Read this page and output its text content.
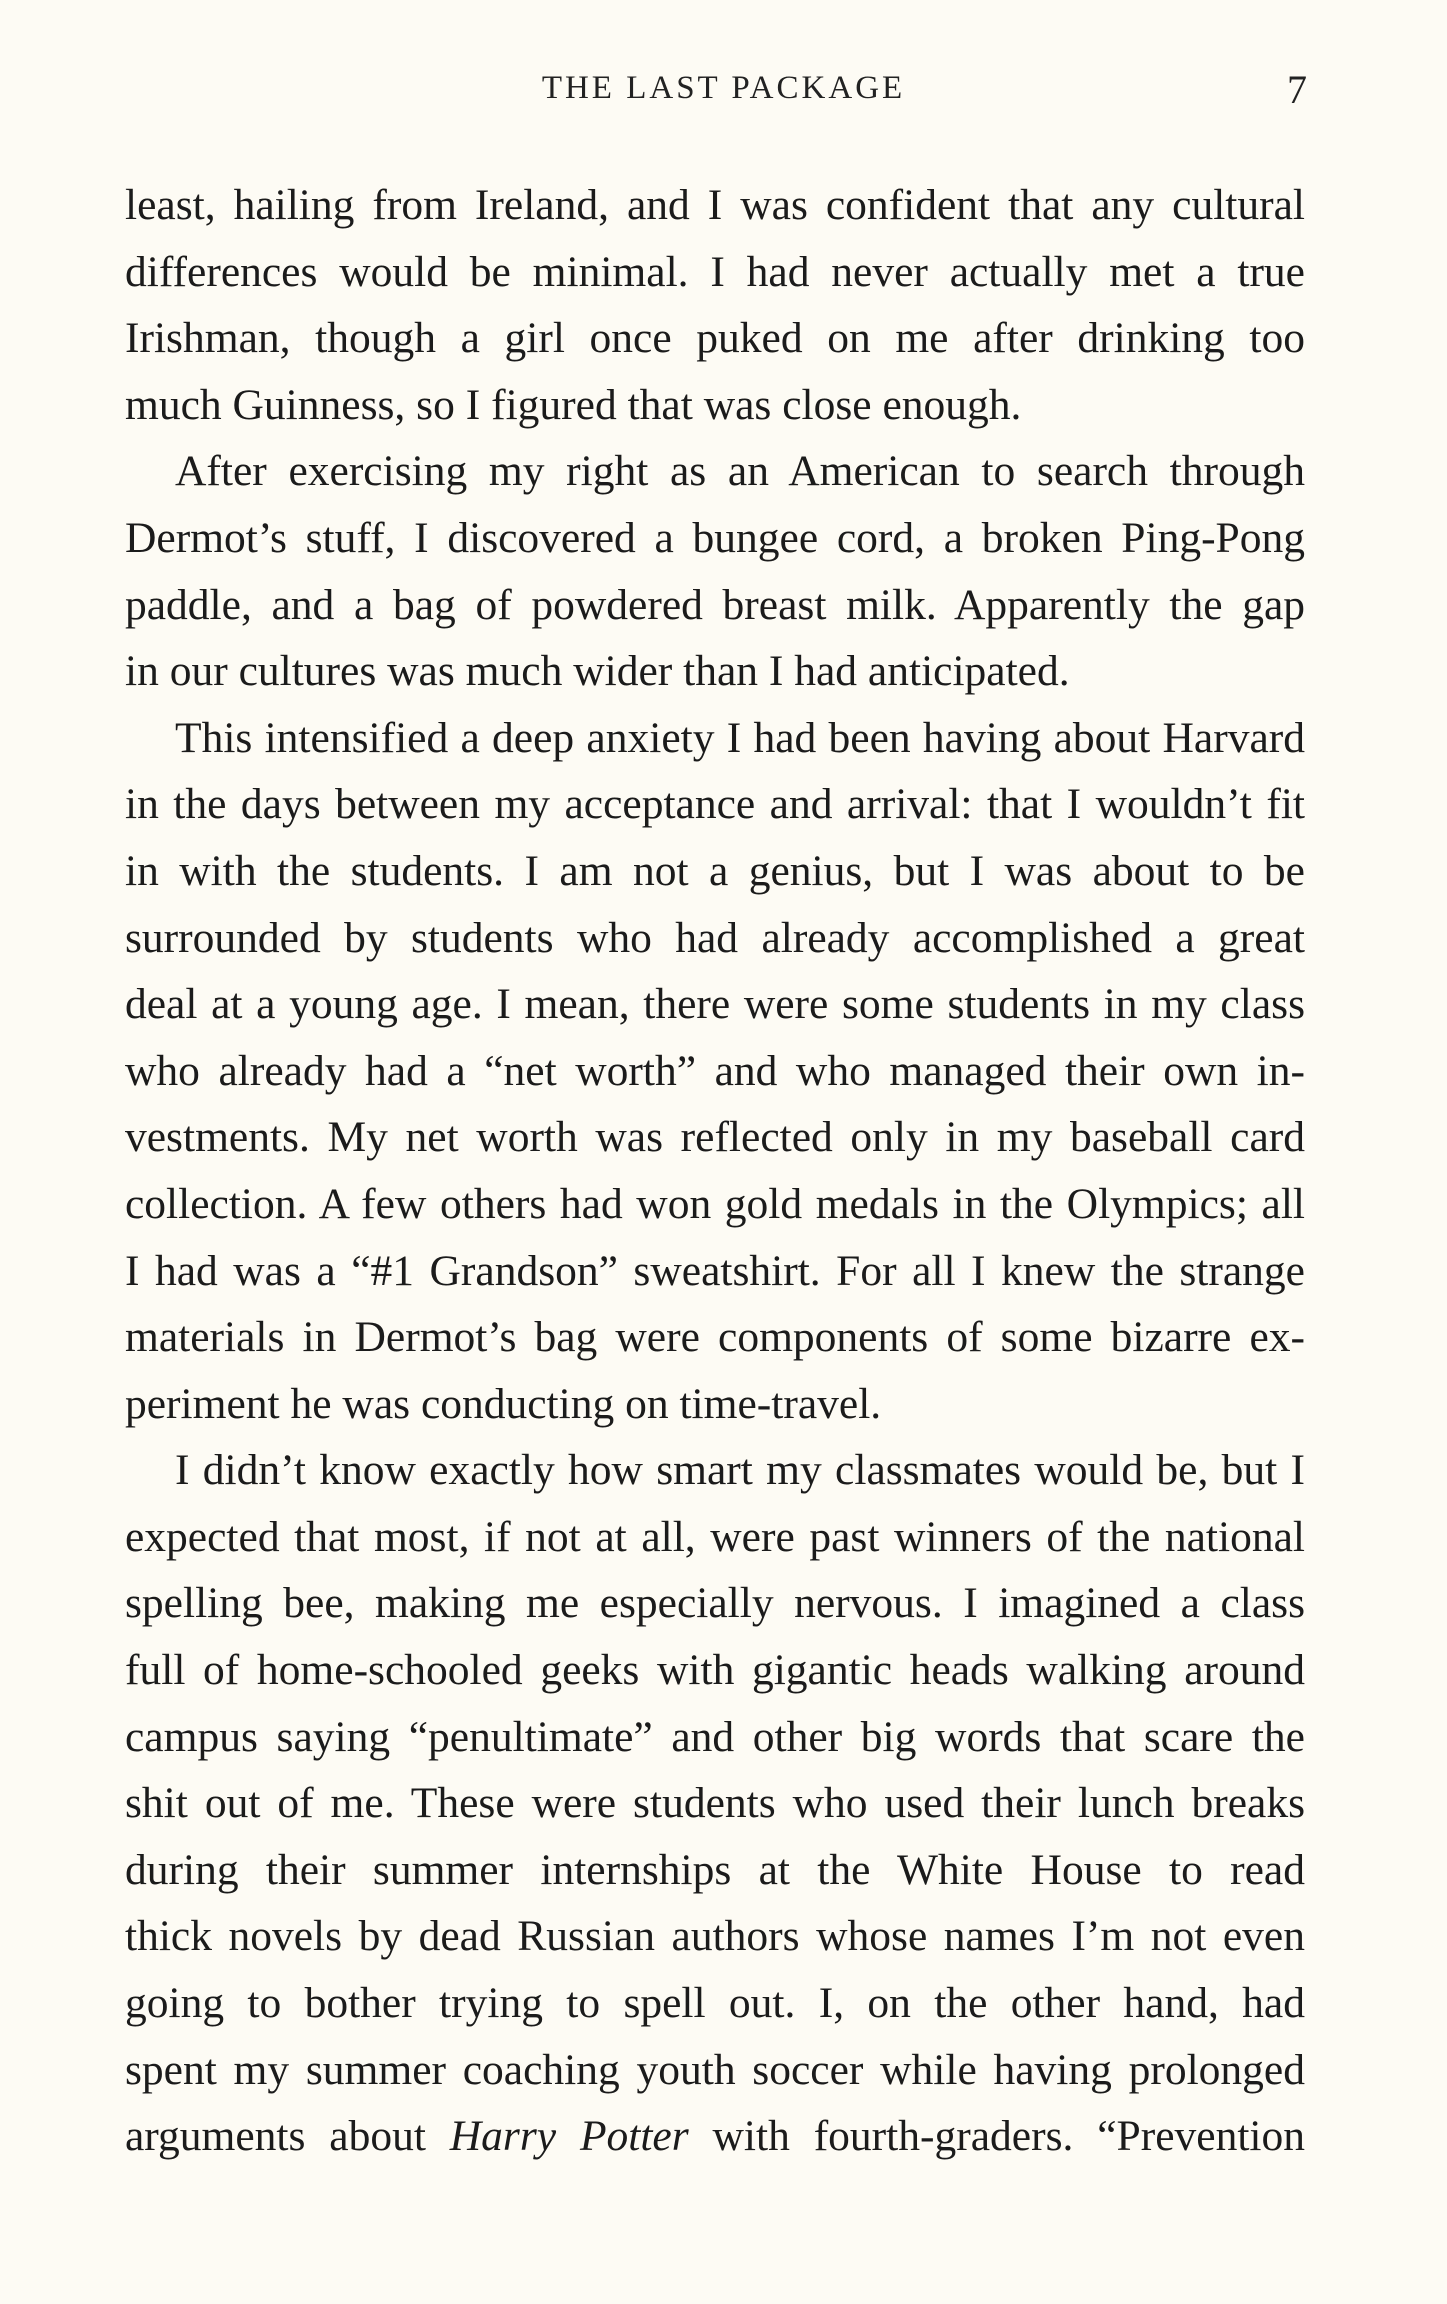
THE LAST PACKAGE	7

least, hailing from Ireland, and I was confident that any cultural
differences would be minimal. I had never actually met a true
Irishman, though a girl once puked on me after drinking too
much Guinness, so I figured that was close enough.

After exercising my right as an American to search through
Dermot’s stuff, I discovered a bungee cord, a broken Ping-Pong
paddle, and a bag of powdered breast milk. Apparently the gap
in our cultures was much wider than I had anticipated.

This intensified a deep anxiety I had been having about Harvard
in the days between my acceptance and arrival: that I wouldn’t fit
in with the students. I am not a genius, but I was about to be
surrounded by students who had already accomplished a great
deal at a young age. I mean, there were some students in my class
who already had a “net worth” and who managed their own in-
vestments. My net worth was reflected only in my baseball card
collection. A few others had won gold medals in the Olympics; all
I had was a “#1 Grandson” sweatshirt. For all I knew the strange
materials in Dermot’s bag were components of some bizarre ex-
periment he was conducting on time-travel.

I didn’t know exactly how smart my classmates would be, but I
expected that most, if not at all, were past winners of the national
spelling bee, making me especially nervous. I imagined a class
full of home-schooled geeks with gigantic heads walking around
campus saying “penultimate” and other big words that scare the
shit out of me. These were students who used their lunch breaks
during their summer internships at the White House to read
thick novels by dead Russian authors whose names I’m not even
going to bother trying to spell out. I, on the other hand, had
spent my summer coaching youth soccer while having prolonged
arguments about Harry Potter with fourth-graders. “Prevention
